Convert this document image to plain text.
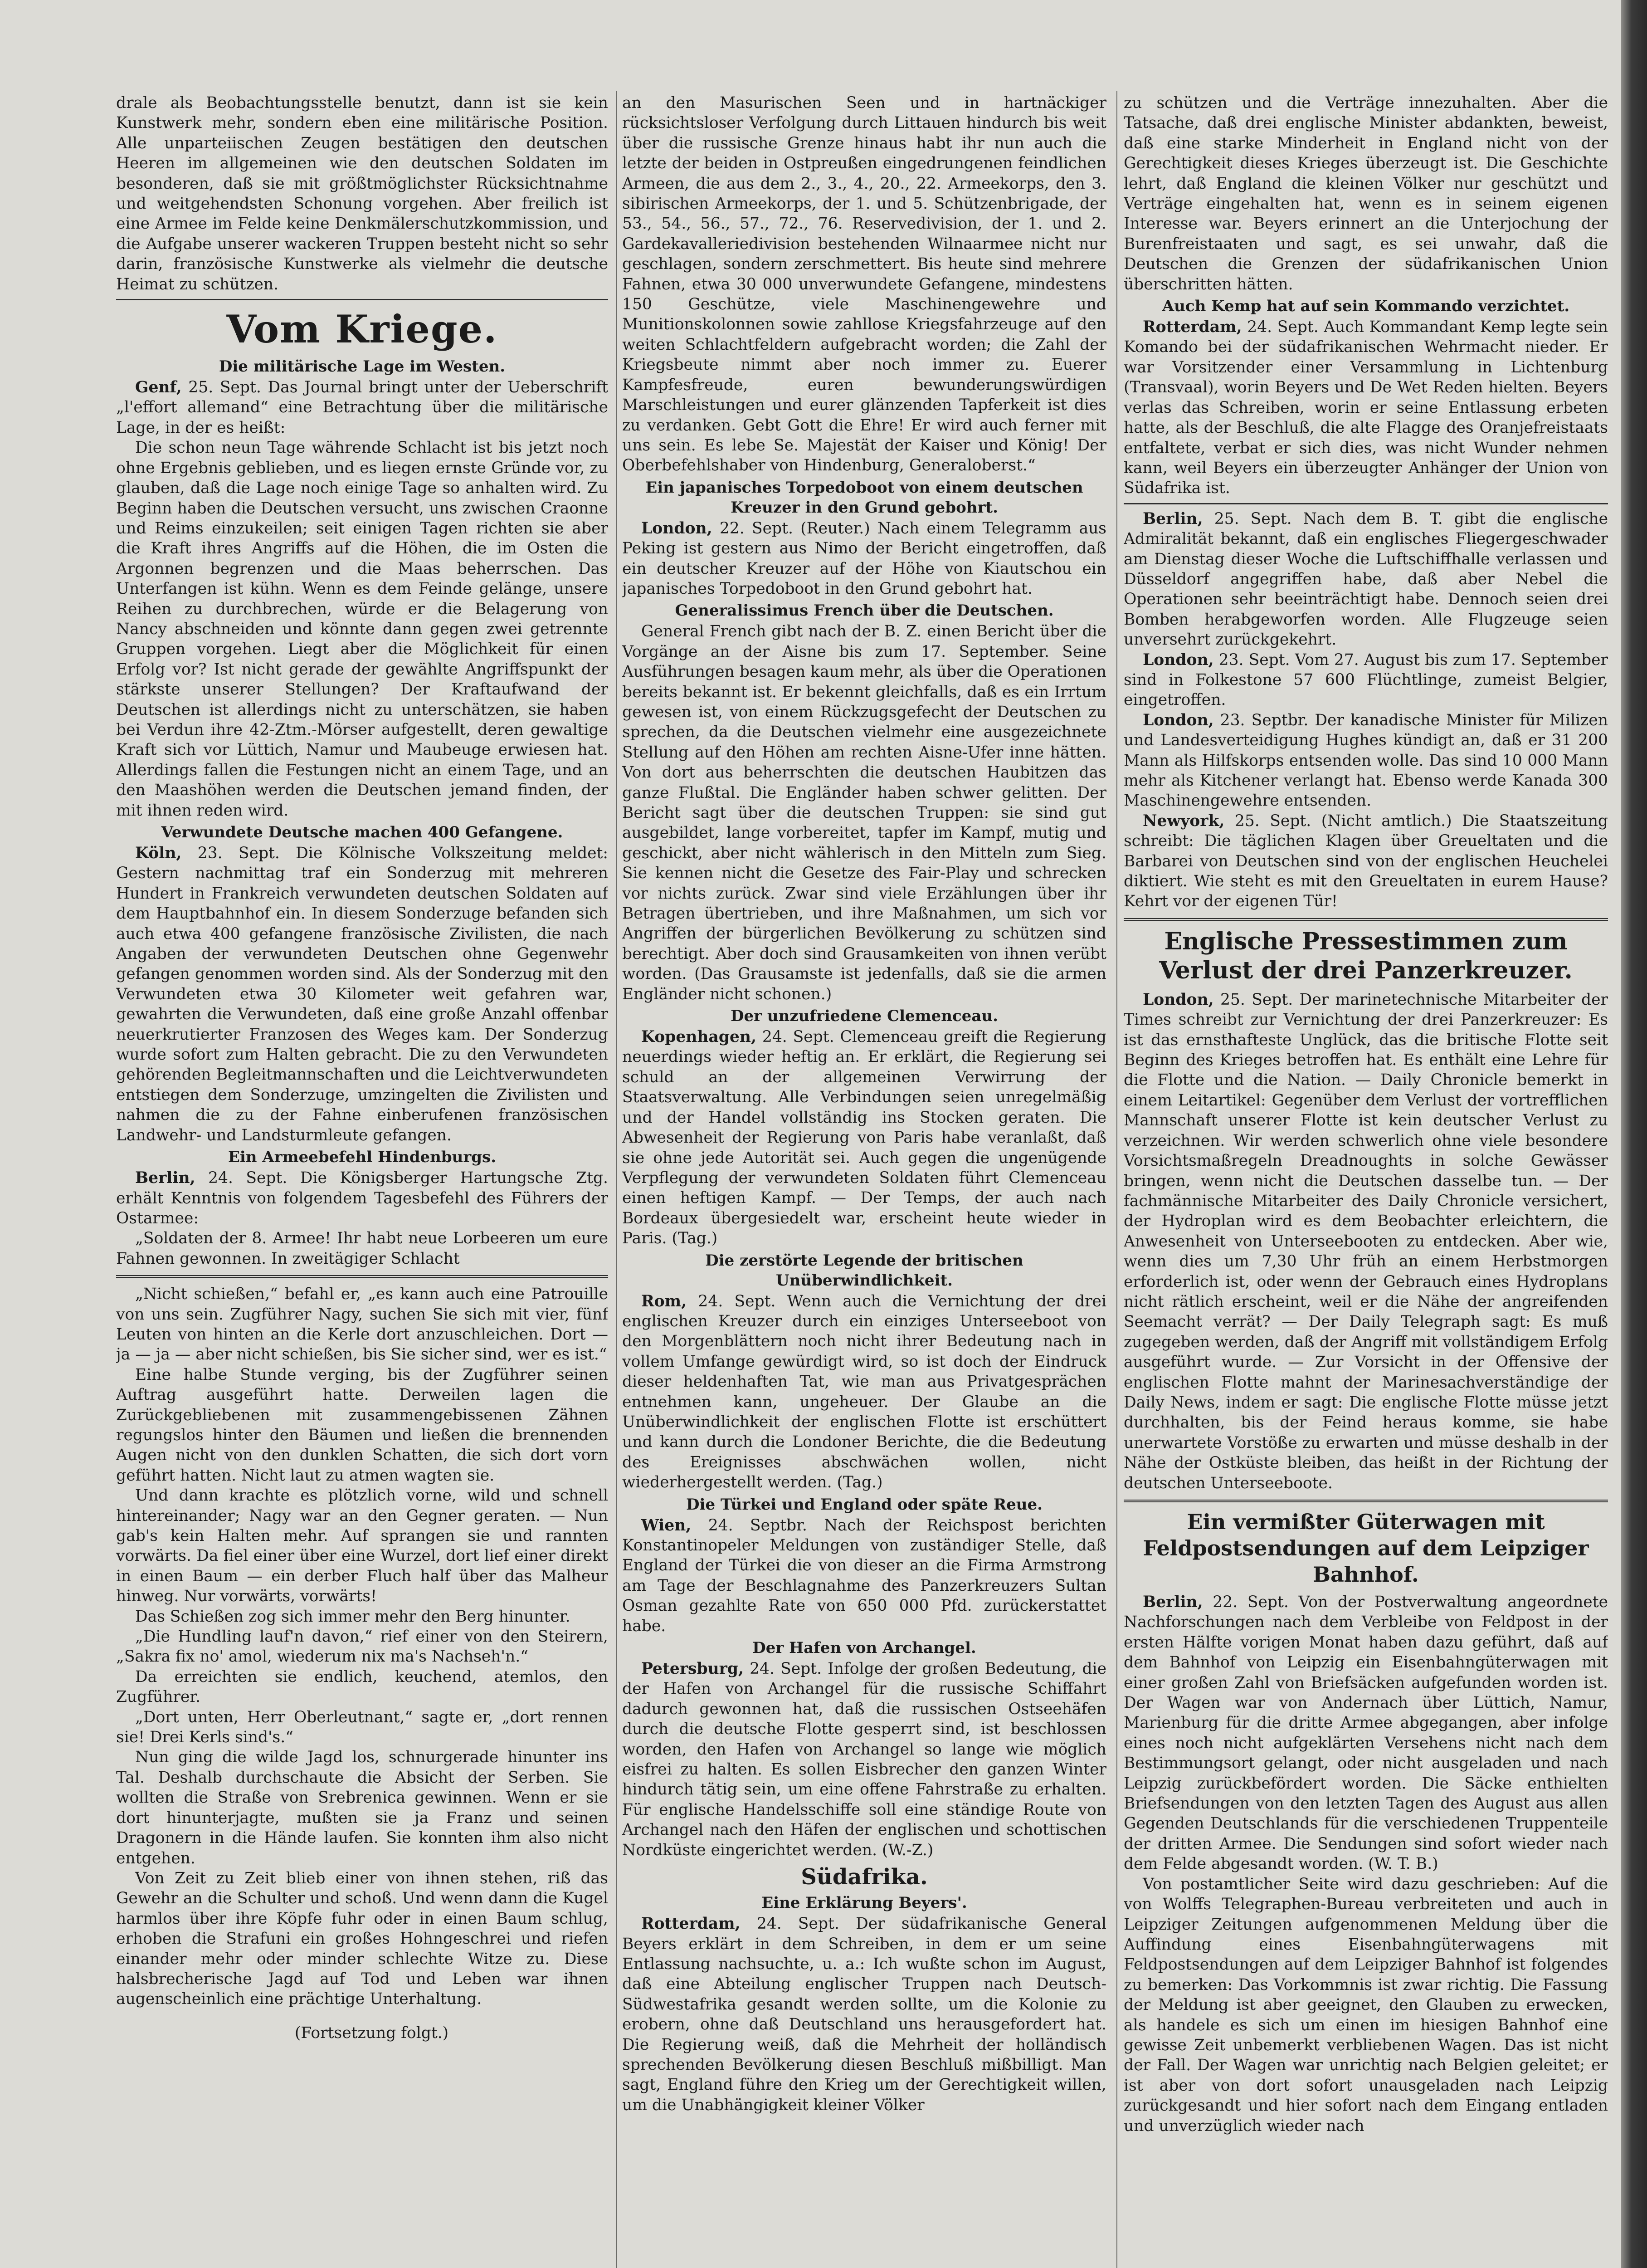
drale als Beobachtungsstelle benutzt, dann ist sie kein Kunstwerk mehr, sondern eben eine militärische Position. Alle unparteiischen Zeugen bestätigen den deutschen Heeren im allgemeinen wie den deutschen Soldaten im besonderen, daß sie mit größtmöglichster Rücksichtnahme und weitgehendsten Schonung vorgehen. Aber freilich ist eine Armee im Felde keine Denkmälerschutzkommission, und die Aufgabe unserer wackeren Truppen besteht nicht so sehr darin, französische Kunstwerke als vielmehr die deutsche Heimat zu schützen.

Vom Kriege.
Die militärische Lage im Westen.

Genf, 25. Sept. Das Journal bringt unter der Ueberschrift „l'effort allemand“ eine Betrachtung über die militärische Lage, in der es heißt:

Die schon neun Tage währende Schlacht ist bis jetzt noch ohne Ergebnis geblieben, und es liegen ernste Gründe vor, zu glauben, daß die Lage noch einige Tage so anhalten wird. Zu Beginn haben die Deutschen versucht, uns zwischen Craonne und Reims einzukeilen; seit einigen Tagen richten sie aber die Kraft ihres Angriffs auf die Höhen, die im Osten die Argonnen begrenzen und die Maas beherrschen. Das Unterfangen ist kühn. Wenn es dem Feinde gelänge, unsere Reihen zu durchbrechen, würde er die Belagerung von Nancy abschneiden und könnte dann gegen zwei getrennte Gruppen vorgehen. Liegt aber die Möglichkeit für einen Erfolg vor? Ist nicht gerade der gewählte Angriffspunkt der stärkste unserer Stellungen? Der Kraftaufwand der Deutschen ist allerdings nicht zu unterschätzen, sie haben bei Verdun ihre 42-Ztm.-Mörser aufgestellt, deren gewaltige Kraft sich vor Lüttich, Namur und Maubeuge erwiesen hat. Allerdings fallen die Festungen nicht an einem Tage, und an den Maashöhen werden die Deutschen jemand finden, der mit ihnen reden wird.

Verwundete Deutsche machen 400 Gefangene.

Köln, 23. Sept. Die Kölnische Volkszeitung meldet: Gestern nachmittag traf ein Sonderzug mit mehreren Hundert in Frankreich verwundeten deutschen Soldaten auf dem Hauptbahnhof ein. In diesem Sonderzuge befanden sich auch etwa 400 gefangene französische Zivilisten, die nach Angaben der verwundeten Deutschen ohne Gegenwehr gefangen genommen worden sind. Als der Sonderzug mit den Verwundeten etwa 30 Kilometer weit gefahren war, gewahrten die Verwundeten, daß eine große Anzahl offenbar neuerkrutierter Franzosen des Weges kam. Der Sonderzug wurde sofort zum Halten gebracht. Die zu den Verwundeten gehörenden Begleitmannschaften und die Leichtverwundeten entstiegen dem Sonderzuge, umzingelten die Zivilisten und nahmen die zu der Fahne einberufenen französischen Landwehr- und Landsturmleute gefangen.

Ein Armeebefehl Hindenburgs.

Berlin, 24. Sept. Die Königsberger Hartungsche Ztg. erhält Kenntnis von folgendem Tagesbefehl des Führers der Ostarmee:

„Soldaten der 8. Armee! Ihr habt neue Lorbeeren um eure Fahnen gewonnen. In zweitägiger Schlacht

„Nicht schießen,“ befahl er, „es kann auch eine Patrouille von uns sein. Zugführer Nagy, suchen Sie sich mit vier, fünf Leuten von hinten an die Kerle dort anzuschleichen. Dort — ja — ja — aber nicht schießen, bis Sie sicher sind, wer es ist.“

Eine halbe Stunde verging, bis der Zugführer seinen Auftrag ausgeführt hatte. Derweilen lagen die Zurückgebliebenen mit zusammengebissenen Zähnen regungslos hinter den Bäumen und ließen die brennenden Augen nicht von den dunklen Schatten, die sich dort vorn geführt hatten. Nicht laut zu atmen wagten sie.

Und dann krachte es plötzlich vorne, wild und schnell hintereinander; Nagy war an den Gegner geraten. — Nun gab's kein Halten mehr. Auf sprangen sie und rannten vorwärts. Da fiel einer über eine Wurzel, dort lief einer direkt in einen Baum — ein derber Fluch half über das Malheur hinweg. Nur vorwärts, vorwärts!

Das Schießen zog sich immer mehr den Berg hinunter.

„Die Hundling lauf'n davon,“ rief einer von den Steirern, „Sakra fix no' amol, wiederum nix ma's Nachseh'n.“

Da erreichten sie endlich, keuchend, atemlos, den Zugführer.

„Dort unten, Herr Oberleutnant,“ sagte er, „dort rennen sie! Drei Kerls sind's.“

Nun ging die wilde Jagd los, schnurgerade hinunter ins Tal. Deshalb durchschaute die Absicht der Serben. Sie wollten die Straße von Srebrenica gewinnen. Wenn er sie dort hinunterjagte, mußten sie ja Franz und seinen Dragonern in die Hände laufen. Sie konnten ihm also nicht entgehen.

Von Zeit zu Zeit blieb einer von ihnen stehen, riß das Gewehr an die Schulter und schoß. Und wenn dann die Kugel harmlos über ihre Köpfe fuhr oder in einen Baum schlug, erhoben die Strafuni ein großes Hohngeschrei und riefen einander mehr oder minder schlechte Witze zu. Diese halsbrecherische Jagd auf Tod und Leben war ihnen augenscheinlich eine prächtige Unterhaltung.

(Fortsetzung folgt.)

an den Masurischen Seen und in hartnäckiger rücksichtsloser Verfolgung durch Littauen hindurch bis weit über die russische Grenze hinaus habt ihr nun auch die letzte der beiden in Ostpreußen eingedrungenen feindlichen Armeen, die aus dem 2., 3., 4., 20., 22. Armeekorps, den 3. sibirischen Armeekorps, der 1. und 5. Schützenbrigade, der 53., 54., 56., 57., 72., 76. Reservedivision, der 1. und 2. Gardekavalleriedivision bestehenden Wilnaarmee nicht nur geschlagen, sondern zerschmettert. Bis heute sind mehrere Fahnen, etwa 30 000 unverwundete Gefangene, mindestens 150 Geschütze, viele Maschinengewehre und Munitionskolonnen sowie zahllose Kriegsfahrzeuge auf den weiten Schlachtfeldern aufgebracht worden; die Zahl der Kriegsbeute nimmt aber noch immer zu. Euerer Kampfesfreude, euren bewunderungswürdigen Marschleistungen und eurer glänzenden Tapferkeit ist dies zu verdanken. Gebt Gott die Ehre! Er wird auch ferner mit uns sein. Es lebe Se. Majestät der Kaiser und König! Der Oberbefehlshaber von Hindenburg, Generaloberst.“

Ein japanisches Torpedoboot von einem deutschen Kreuzer in den Grund gebohrt.

London, 22. Sept. (Reuter.) Nach einem Telegramm aus Peking ist gestern aus Nimo der Bericht eingetroffen, daß ein deutscher Kreuzer auf der Höhe von Kiautschou ein japanisches Torpedoboot in den Grund gebohrt hat.

Generalissimus French über die Deutschen.

General French gibt nach der B. Z. einen Bericht über die Vorgänge an der Aisne bis zum 17. September. Seine Ausführungen besagen kaum mehr, als über die Operationen bereits bekannt ist. Er bekennt gleichfalls, daß es ein Irrtum gewesen ist, von einem Rückzugsgefecht der Deutschen zu sprechen, da die Deutschen vielmehr eine ausgezeichnete Stellung auf den Höhen am rechten Aisne-Ufer inne hätten. Von dort aus beherrschten die deutschen Haubitzen das ganze Flußtal. Die Engländer haben schwer gelitten. Der Bericht sagt über die deutschen Truppen: sie sind gut ausgebildet, lange vorbereitet, tapfer im Kampf, mutig und geschickt, aber nicht wählerisch in den Mitteln zum Sieg. Sie kennen nicht die Gesetze des Fair-Play und schrecken vor nichts zurück. Zwar sind viele Erzählungen über ihr Betragen übertrieben, und ihre Maßnahmen, um sich vor Angriffen der bürgerlichen Bevölkerung zu schützen sind berechtigt. Aber doch sind Grausamkeiten von ihnen verübt worden. (Das Grausamste ist jedenfalls, daß sie die armen Engländer nicht schonen.)

Der unzufriedene Clemenceau.

Kopenhagen, 24. Sept. Clemenceau greift die Regierung neuerdings wieder heftig an. Er erklärt, die Regierung sei schuld an der allgemeinen Verwirrung der Staatsverwaltung. Alle Verbindungen seien unregelmäßig und der Handel vollständig ins Stocken geraten. Die Abwesenheit der Regierung von Paris habe veranlaßt, daß sie ohne jede Autorität sei. Auch gegen die ungenügende Verpflegung der verwundeten Soldaten führt Clemenceau einen heftigen Kampf. — Der Temps, der auch nach Bordeaux übergesiedelt war, erscheint heute wieder in Paris. (Tag.)

Die zerstörte Legende der britischen Unüberwindlichkeit.

Rom, 24. Sept. Wenn auch die Vernichtung der drei englischen Kreuzer durch ein einziges Unterseeboot von den Morgenblättern noch nicht ihrer Bedeutung nach in vollem Umfange gewürdigt wird, so ist doch der Eindruck dieser heldenhaften Tat, wie man aus Privatgesprächen entnehmen kann, ungeheuer. Der Glaube an die Unüberwindlichkeit der englischen Flotte ist erschüttert und kann durch die Londoner Berichte, die die Bedeutung des Ereignisses abschwächen wollen, nicht wiederhergestellt werden. (Tag.)

Die Türkei und England oder späte Reue.

Wien, 24. Septbr. Nach der Reichspost berichten Konstantinopeler Meldungen von zuständiger Stelle, daß England der Türkei die von dieser an die Firma Armstrong am Tage der Beschlagnahme des Panzerkreuzers Sultan Osman gezahlte Rate von 650 000 Pfd. zurückerstattet habe.

Der Hafen von Archangel.

Petersburg, 24. Sept. Infolge der großen Bedeutung, die der Hafen von Archangel für die russische Schiffahrt dadurch gewonnen hat, daß die russischen Ostseehäfen durch die deutsche Flotte gesperrt sind, ist beschlossen worden, den Hafen von Archangel so lange wie möglich eisfrei zu halten. Es sollen Eisbrecher den ganzen Winter hindurch tätig sein, um eine offene Fahrstraße zu erhalten. Für englische Handelsschiffe soll eine ständige Route von Archangel nach den Häfen der englischen und schottischen Nordküste eingerichtet werden. (W.-Z.)

Südafrika.
Eine Erklärung Beyers'.

Rotterdam, 24. Sept. Der südafrikanische General Beyers erklärt in dem Schreiben, in dem er um seine Entlassung nachsuchte, u. a.: Ich wußte schon im August, daß eine Abteilung englischer Truppen nach Deutsch-Südwestafrika gesandt werden sollte, um die Kolonie zu erobern, ohne daß Deutschland uns herausgefordert hat. Die Regierung weiß, daß die Mehrheit der holländisch sprechenden Bevölkerung diesen Beschluß mißbilligt. Man sagt, England führe den Krieg um der Gerechtigkeit willen, um die Unabhängigkeit kleiner Völker

zu schützen und die Verträge innezuhalten. Aber die Tatsache, daß drei englische Minister abdankten, beweist, daß eine starke Minderheit in England nicht von der Gerechtigkeit dieses Krieges überzeugt ist. Die Geschichte lehrt, daß England die kleinen Völker nur geschützt und Verträge eingehalten hat, wenn es in seinem eigenen Interesse war. Beyers erinnert an die Unterjochung der Burenfreistaaten und sagt, es sei unwahr, daß die Deutschen die Grenzen der südafrikanischen Union überschritten hätten.

Auch Kemp hat auf sein Kommando verzichtet.

Rotterdam, 24. Sept. Auch Kommandant Kemp legte sein Komando bei der südafrikanischen Wehrmacht nieder. Er war Vorsitzender einer Versammlung in Lichtenburg (Transvaal), worin Beyers und De Wet Reden hielten. Beyers verlas das Schreiben, worin er seine Entlassung erbeten hatte, als der Beschluß, die alte Flagge des Oranjefreistaats entfaltete, verbat er sich dies, was nicht Wunder nehmen kann, weil Beyers ein überzeugter Anhänger der Union von Südafrika ist.

Berlin, 25. Sept. Nach dem B. T. gibt die englische Admiralität bekannt, daß ein englisches Fliegergeschwader am Dienstag dieser Woche die Luftschiffhalle verlassen und Düsseldorf angegriffen habe, daß aber Nebel die Operationen sehr beeinträchtigt habe. Dennoch seien drei Bomben herabgeworfen worden. Alle Flugzeuge seien unversehrt zurückgekehrt.

London, 23. Sept. Vom 27. August bis zum 17. September sind in Folkestone 57 600 Flüchtlinge, zumeist Belgier, eingetroffen.

London, 23. Septbr. Der kanadische Minister für Milizen und Landesverteidigung Hughes kündigt an, daß er 31 200 Mann als Hilfskorps entsenden wolle. Das sind 10 000 Mann mehr als Kitchener verlangt hat. Ebenso werde Kanada 300 Maschinengewehre entsenden.

Newyork, 25. Sept. (Nicht amtlich.) Die Staatszeitung schreibt: Die täglichen Klagen über Greueltaten und die Barbarei von Deutschen sind von der englischen Heuchelei diktiert. Wie steht es mit den Greueltaten in eurem Hause? Kehrt vor der eigenen Tür!

Englische Pressestimmen zum Verlust der drei Panzerkreuzer.

London, 25. Sept. Der marinetechnische Mitarbeiter der Times schreibt zur Vernichtung der drei Panzerkreuzer: Es ist das ernsthafteste Unglück, das die britische Flotte seit Beginn des Krieges betroffen hat. Es enthält eine Lehre für die Flotte und die Nation. — Daily Chronicle bemerkt in einem Leitartikel: Gegenüber dem Verlust der vortrefflichen Mannschaft unserer Flotte ist kein deutscher Verlust zu verzeichnen. Wir werden schwerlich ohne viele besondere Vorsichtsmaßregeln Dreadnoughts in solche Gewässer bringen, wenn nicht die Deutschen dasselbe tun. — Der fachmännische Mitarbeiter des Daily Chronicle versichert, der Hydroplan wird es dem Beobachter erleichtern, die Anwesenheit von Unterseebooten zu entdecken. Aber wie, wenn dies um 7,30 Uhr früh an einem Herbstmorgen erforderlich ist, oder wenn der Gebrauch eines Hydroplans nicht rätlich erscheint, weil er die Nähe der angreifenden Seemacht verrät? — Der Daily Telegraph sagt: Es muß zugegeben werden, daß der Angriff mit vollständigem Erfolg ausgeführt wurde. — Zur Vorsicht in der Offensive der englischen Flotte mahnt der Marinesachverständige der Daily News, indem er sagt: Die englische Flotte müsse jetzt durchhalten, bis der Feind heraus komme, sie habe unerwartete Vorstöße zu erwarten und müsse deshalb in der Nähe der Ostküste bleiben, das heißt in der Richtung der deutschen Unterseeboote.

Ein vermißter Güterwagen mit Feldpostsendungen auf dem Leipziger Bahnhof.

Berlin, 22. Sept. Von der Postverwaltung angeordnete Nachforschungen nach dem Verbleibe von Feldpost in der ersten Hälfte vorigen Monat haben dazu geführt, daß auf dem Bahnhof von Leipzig ein Eisenbahngüterwagen mit einer großen Zahl von Briefsäcken aufgefunden worden ist. Der Wagen war von Andernach über Lüttich, Namur, Marienburg für die dritte Armee abgegangen, aber infolge eines noch nicht aufgeklärten Versehens nicht nach dem Bestimmungsort gelangt, oder nicht ausgeladen und nach Leipzig zurückbefördert worden. Die Säcke enthielten Briefsendungen von den letzten Tagen des August aus allen Gegenden Deutschlands für die verschiedenen Truppenteile der dritten Armee. Die Sendungen sind sofort wieder nach dem Felde abgesandt worden. (W. T. B.)

Von postamtlicher Seite wird dazu geschrieben: Auf die von Wolffs Telegraphen-Bureau verbreiteten und auch in Leipziger Zeitungen aufgenommenen Meldung über die Auffindung eines Eisenbahngüterwagens mit Feldpostsendungen auf dem Leipziger Bahnhof ist folgendes zu bemerken: Das Vorkommnis ist zwar richtig. Die Fassung der Meldung ist aber geeignet, den Glauben zu erwecken, als handele es sich um einen im hiesigen Bahnhof eine gewisse Zeit unbemerkt verbliebenen Wagen. Das ist nicht der Fall. Der Wagen war unrichtig nach Belgien geleitet; er ist aber von dort sofort unausgeladen nach Leipzig zurückgesandt und hier sofort nach dem Eingang entladen und unverzüglich wieder nach
